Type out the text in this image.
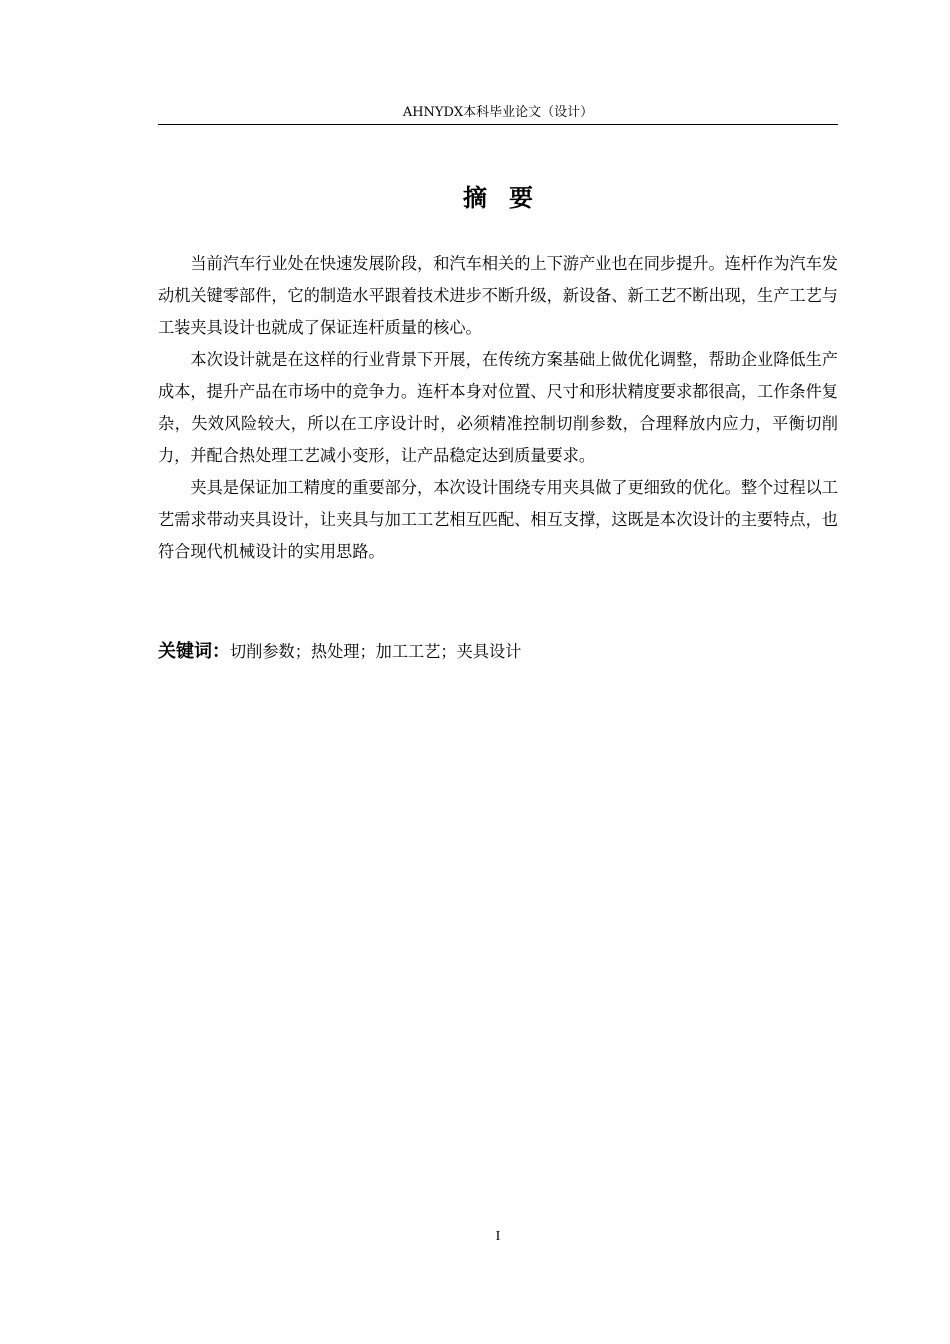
AHNYDX本科毕业论文（设计）
摘要

当前汽车行业处在快速发展阶段，和汽车相关的上下游产业也在同步提升。连杆作为汽车发动机关键零部件，它的制造水平跟着技术进步不断升级，新设备、新工艺不断出现，生产工艺与工装夹具设计也就成了保证连杆质量的核心。

本次设计就是在这样的行业背景下开展，在传统方案基础上做优化调整，帮助企业降低生产成本，提升产品在市场中的竞争力。连杆本身对位置、尺寸和形状精度要求都很高，工作条件复杂，失效风险较大，所以在工序设计时，必须精准控制切削参数，合理释放内应力，平衡切削力，并配合热处理工艺减小变形，让产品稳定达到质量要求。

夹具是保证加工精度的重要部分，本次设计围绕专用夹具做了更细致的优化。整个过程以工艺需求带动夹具设计，让夹具与加工工艺相互匹配、相互支撑，这既是本次设计的主要特点，也符合现代机械设计的实用思路。

关键词：切削参数；热处理；加工工艺；夹具设计
I
